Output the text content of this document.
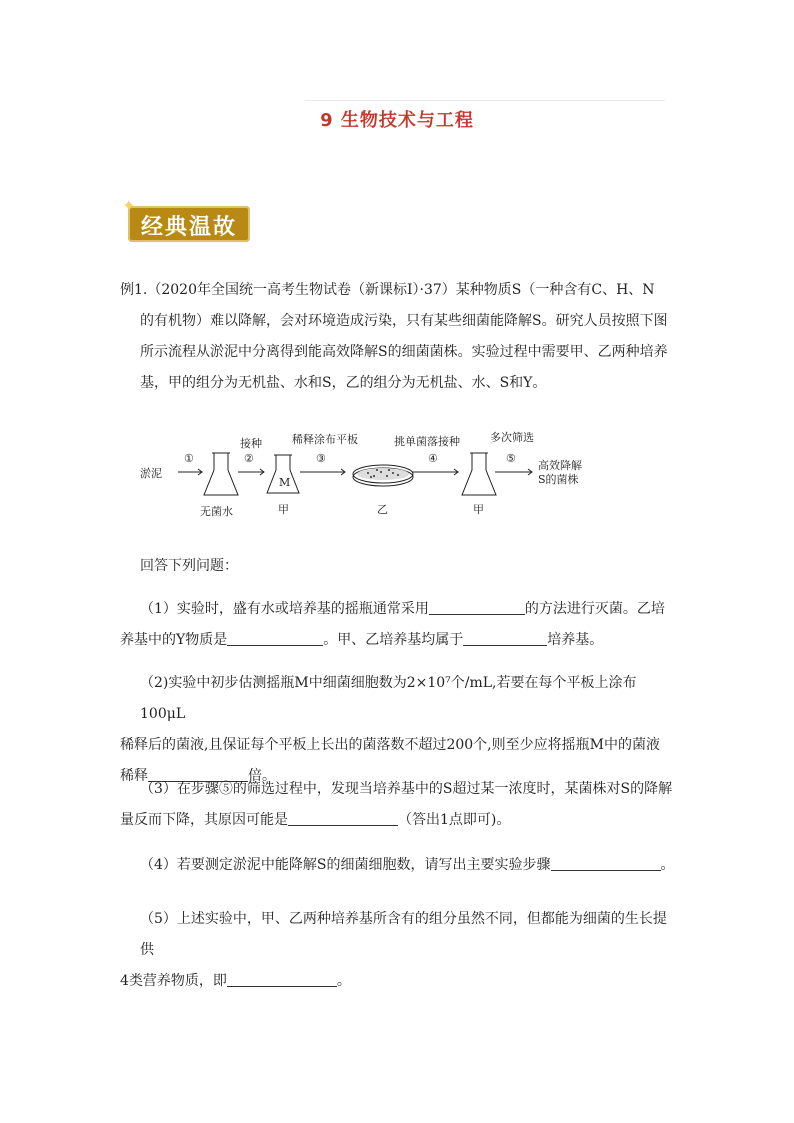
9 生物技术与工程
✦
经典温故

例1.（2020年全国统一高考生物试卷（新课标Ⅰ）·37）某种物质S（一种含有C、H、N

的有机物）难以降解，会对环境造成污染，只有某些细菌能降解S。研究人员按照下图

所示流程从淤泥中分离得到能高效降解S的细菌菌株。实验过程中需要甲、乙两种培养

基，甲的组分为无机盐、水和S，乙的组分为无机盐、水、S和Y。

淤泥
①	②	③	④	⑤
接种	稀释涂布平板	挑单菌落接种	多次筛选
M
无菌水	甲	乙	甲
高效降解
S的菌株

回答下列问题：

（1）实验时，盛有水或培养基的摇瓶通常采用	的方法进行灭菌。乙培

养基中的Y物质是	。甲、乙培养基均属于	培养基。

（2)实验中初步估测摇瓶M中细菌细胞数为2×10⁷个/mL,若要在每个平板上涂布100μL

稀释后的菌液,且保证每个平板上长出的菌落数不超过200个,则至少应将摇瓶M中的菌液

稀释	倍。

（3）在步骤⑤的筛选过程中，发现当培养基中的S超过某一浓度时，某菌株对S的降解

量反而下降，其原因可能是	（答出1点即可)。

（4）若要测定淤泥中能降解S的细菌细胞数，请写出主要实验步骤	。

（5）上述实验中，甲、乙两种培养基所含有的组分虽然不同，但都能为细菌的生长提供

4类营养物质，即	。
